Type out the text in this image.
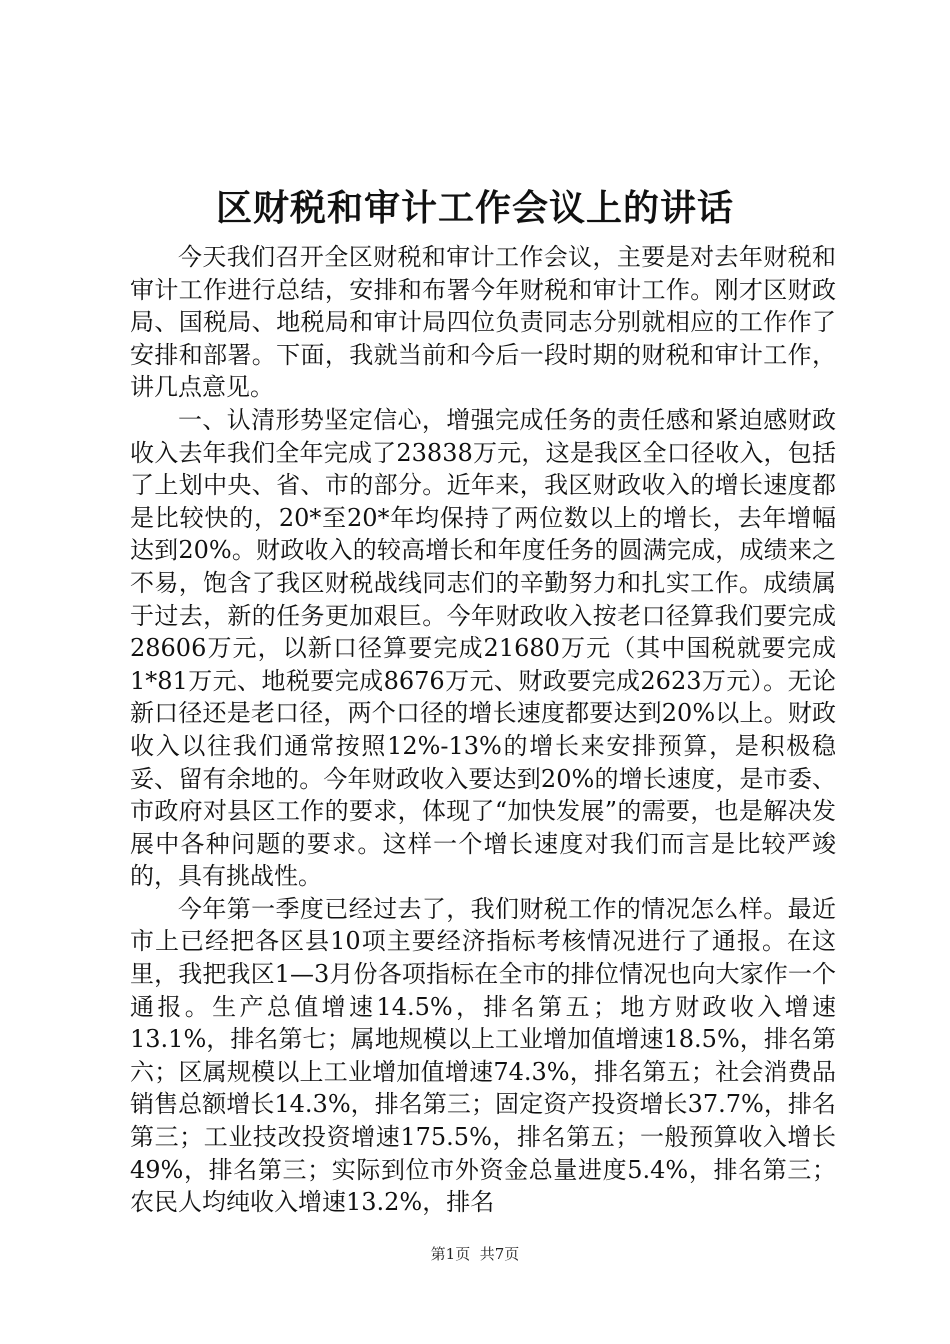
区财税和审计工作会议上的讲话

今天我们召开全区财税和审计工作会议，主要是对去年财税和审计工作进行总结，安排和布署今年财税和审计工作。刚才区财政局、国税局、地税局和审计局四位负责同志分别就相应的工作作了安排和部署。下面，我就当前和今后一段时期的财税和审计工作，讲几点意见。

一、认清形势坚定信心，增强完成任务的责任感和紧迫感财政收入去年我们全年完成了23838万元，这是我区全口径收入，包括了上划中央、省、市的部分。近年来，我区财政收入的增长速度都是比较快的，20*至20*年均保持了两位数以上的增长，去年增幅达到20%。财政收入的较高增长和年度任务的圆满完成，成绩来之不易，饱含了我区财税战线同志们的辛勤努力和扎实工作。成绩属于过去，新的任务更加艰巨。今年财政收入按老口径算我们要完成28606万元，以新口径算要完成21680万元（其中国税就要完成1*81万元、地税要完成8676万元、财政要完成2623万元）。无论新口径还是老口径，两个口径的增长速度都要达到20%以上。财政收入以往我们通常按照12%-13%的增长来安排预算，是积极稳妥、留有余地的。今年财政收入要达到20%的增长速度，是市委、市政府对县区工作的要求，体现了“加快发展”的需要，也是解决发展中各种问题的要求。这样一个增长速度对我们而言是比较严竣的，具有挑战性。

今年第一季度已经过去了，我们财税工作的情况怎么样。最近市上已经把各区县10项主要经济指标考核情况进行了通报。在这里，我把我区1—3月份各项指标在全市的排位情况也向大家作一个通报。生产总值增速14.5%，排名第五；地方财政收入增速13.1%，排名第七；属地规模以上工业增加值增速18.5%，排名第六；区属规模以上工业增加值增速74.3%，排名第五；社会消费品销售总额增长14.3%，排名第三；固定资产投资增长37.7%，排名第三；工业技改投资增速175.5%，排名第五；一般预算收入增长49%，排名第三；实际到位市外资金总量进度5.4%，排名第三；农民人均纯收入增速13.2%，排名

第1页 共7页
